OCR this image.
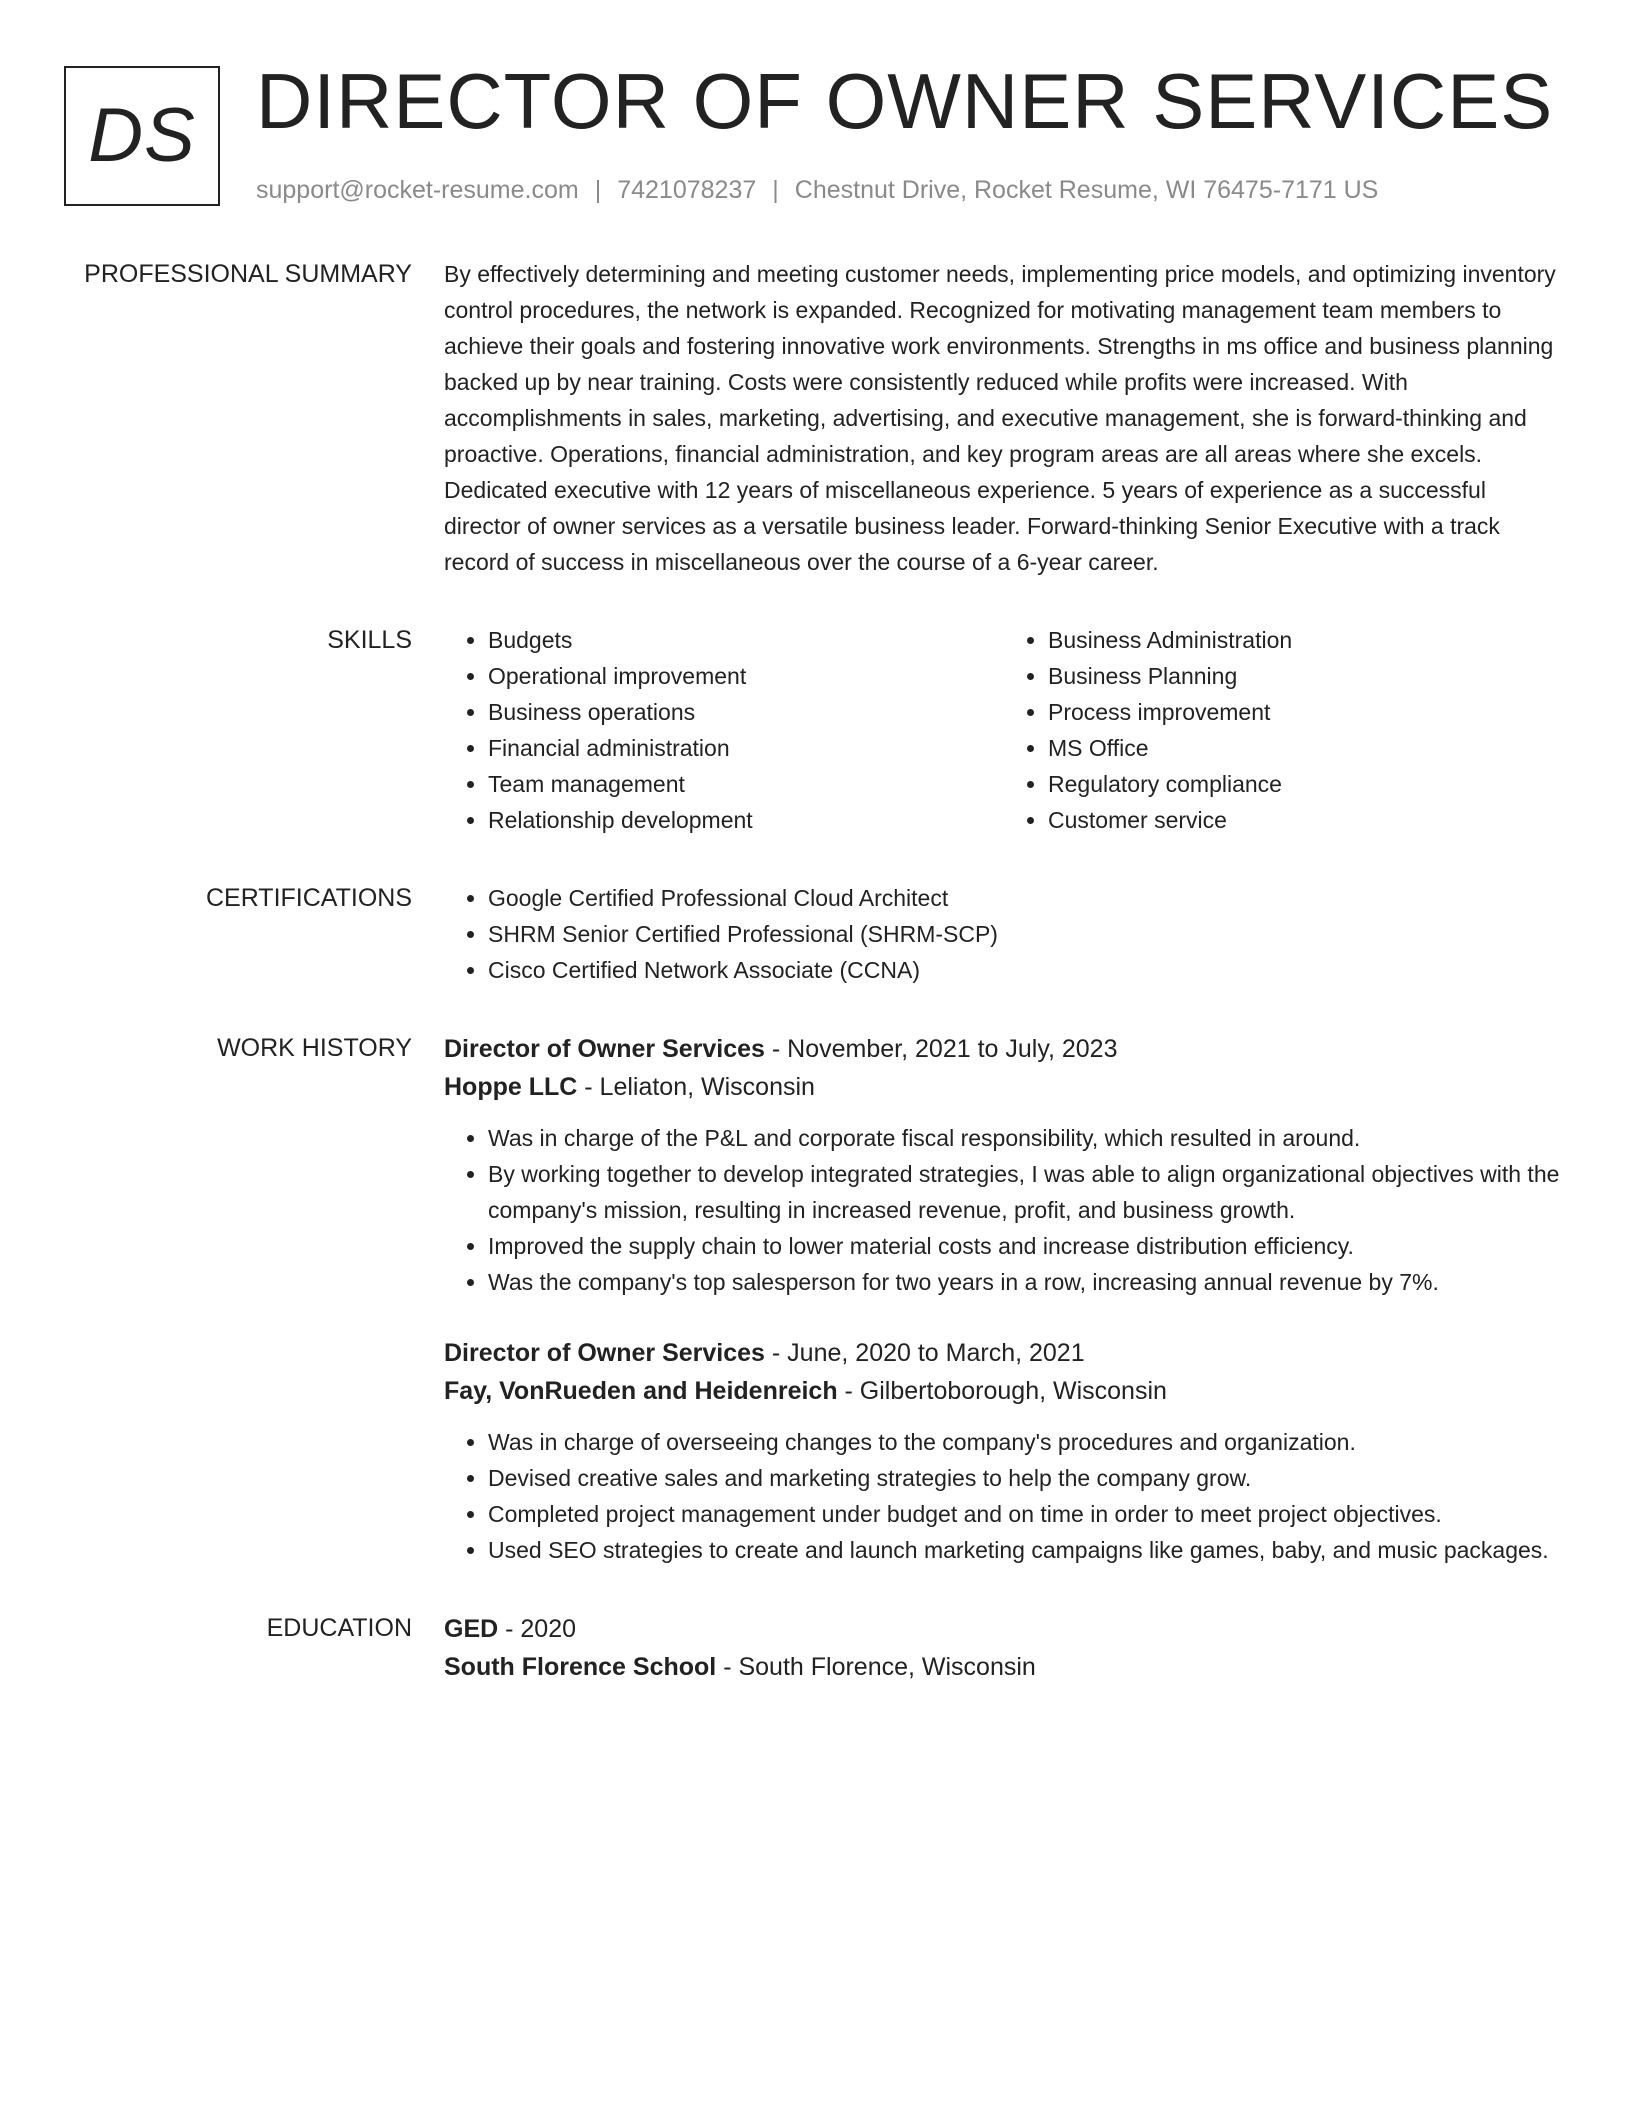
DS DIRECTOR OF OWNER SERVICES
support@rocket-resume.com | 7421078237 | Chestnut Drive, Rocket Resume, WI 76475-7171 US
PROFESSIONAL SUMMARY By effectively determining and meeting customer needs, implementing price models, and optimizing inventory control procedures, the network is expanded. Recognized for motivating management team members to achieve their goals and fostering innovative work environments. Strengths in ms office and business planning backed up by near training. Costs were consistently reduced while profits were increased. With accomplishments in sales, marketing, advertising, and executive management, she is forward-thinking and proactive. Operations, financial administration, and key program areas are all areas where she excels. Dedicated executive with 12 years of miscellaneous experience. 5 years of experience as a successful director of owner services as a versatile business leader. Forward-thinking Senior Executive with a track record of success in miscellaneous over the course of a 6-year career.

SKILLS	• Budgets
• Operational improvement
• Business operations
• Financial administration
• Team management
• Relationship development
• Business Administration
• Business Planning
• Process improvement
• MS Office
• Regulatory compliance
• Customer service
CERTIFICATIONS	• Google Certified Professional Cloud Architect
• SHRM Senior Certified Professional (SHRM-SCP)
• Cisco Certified Network Associate (CCNA)
WORK HISTORY Director of Owner Services - November, 2021 to July, 2023
Hoppe LLC - Leliaton, Wisconsin
• Was in charge of the P&L and corporate fiscal responsibility, which resulted in around.
• By working together to develop integrated strategies, I was able to align organizational objectives with the company's mission, resulting in increased revenue, profit, and business growth.
• Improved the supply chain to lower material costs and increase distribution efficiency.
• Was the company's top salesperson for two years in a row, increasing annual revenue by 7%.
Director of Owner Services - June, 2020 to March, 2021
Fay, VonRueden and Heidenreich - Gilbertoborough, Wisconsin
• Was in charge of overseeing changes to the company's procedures and organization.
• Devised creative sales and marketing strategies to help the company grow.
• Completed project management under budget and on time in order to meet project objectives.
• Used SEO strategies to create and launch marketing campaigns like games, baby, and music packages.
EDUCATION GED - 2020
South Florence School - South Florence, Wisconsin
